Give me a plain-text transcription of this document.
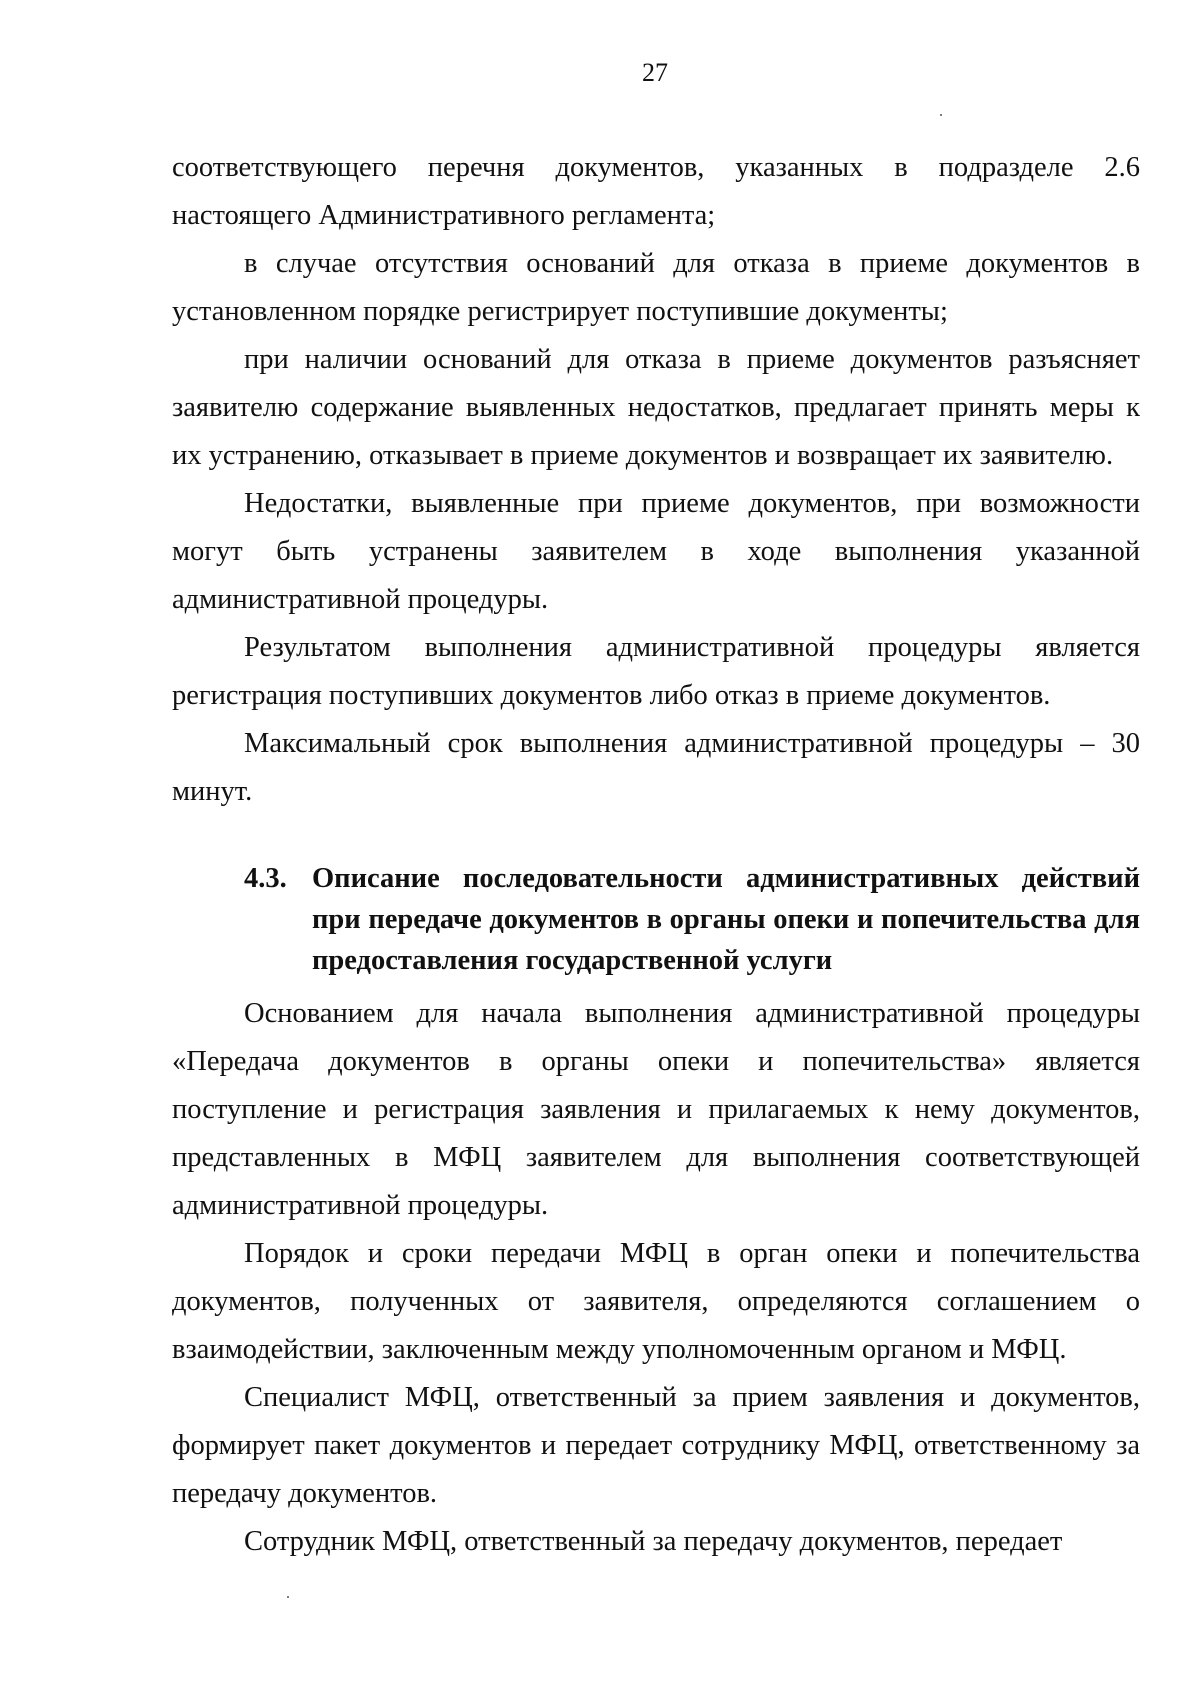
27

соответствующего перечня документов, указанных в подразделе 2.6 настоящего Административного регламента;

в случае отсутствия оснований для отказа в приеме документов в установленном порядке регистрирует поступившие документы;

при наличии оснований для отказа в приеме документов разъясняет заявителю содержание выявленных недостатков, предлагает принять меры к их устранению, отказывает в приеме документов и возвращает их заявителю.

Недостатки, выявленные при приеме документов, при возможности могут быть устранены заявителем в ходе выполнения указанной административной процедуры.

Результатом выполнения административной процедуры является регистрация поступивших документов либо отказ в приеме документов.

Максимальный срок выполнения административной процедуры – 30 минут.

4.3. Описание последовательности административных действий при передаче документов в органы опеки и попечительства для предоставления государственной услуги

Основанием для начала выполнения административной процедуры «Передача документов в органы опеки и попечительства» является поступление и регистрация заявления и прилагаемых к нему документов, представленных в МФЦ заявителем для выполнения соответствующей административной процедуры.

Порядок и сроки передачи МФЦ в орган опеки и попечительства документов, полученных от заявителя, определяются соглашением о взаимодействии, заключенным между уполномоченным органом и МФЦ.

Специалист МФЦ, ответственный за прием заявления и документов, формирует пакет документов и передает сотруднику МФЦ, ответственному за передачу документов.

Сотрудник МФЦ, ответственный за передачу документов, передает
